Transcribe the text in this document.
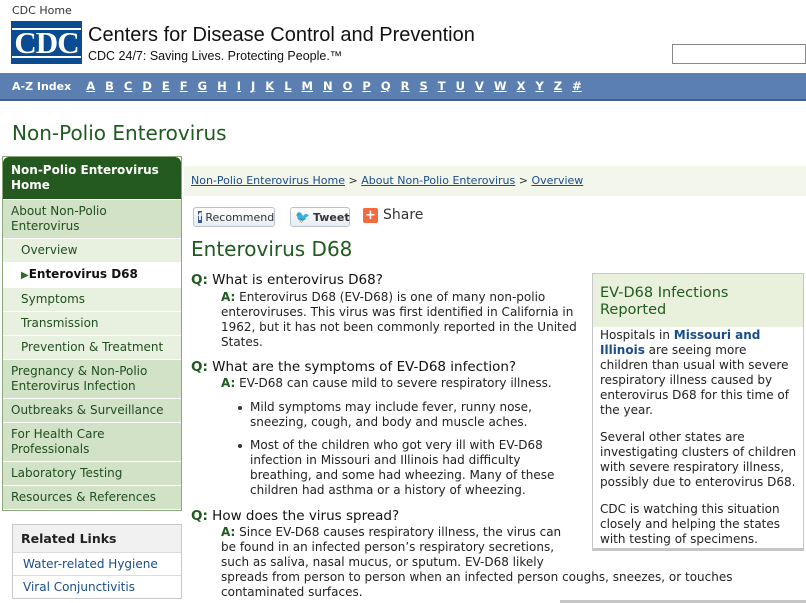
CDC Home
CDC Centers for Disease Control and Prevention
CDC 24/7: Saving Lives. Protecting People.™
A-Z Index A B C D E F G H I J K L M N O P Q R S T U V W X Y Z #
Non-Polio Enterovirus
Non-Polio Enterovirus Home
About Non-Polio Enterovirus
Overview
▶Enterovirus D68
Symptoms
Transmission
Prevention & Treatment
Pregnancy & Non-Polio Enterovirus Infection
Outbreaks & Surveillance
For Health Care Professionals
Laboratory Testing
Resources & References
Related Links
Water-related Hygiene
Viral Conjunctivitis
Non-Polio Enterovirus Home > About Non-Polio Enterovirus > Overview
f Recommend 🐦 Tweet + Share
Enterovirus D68
Q: What is enterovirus D68?
A: Enterovirus D68 (EV-D68) is one of many non-polio
enteroviruses. This virus was first identified in California in
1962, but it has not been commonly reported in the United
States.
Q: What are the symptoms of EV-D68 infection?
A: EV-D68 can cause mild to severe respiratory illness.
Mild symptoms may include fever, runny nose,
sneezing, cough, and body and muscle aches.
Most of the children who got very ill with EV-D68
infection in Missouri and Illinois had difficulty
breathing, and some had wheezing. Many of these
children had asthma or a history of wheezing.
Q: How does the virus spread?
A: Since EV-D68 causes respiratory illness, the virus can
be found in an infected person’s respiratory secretions,
such as saliva, nasal mucus, or sputum. EV-D68 likely
spreads from person to person when an infected person coughs, sneezes, or touches
contaminated surfaces.
EV-D68 Infections
Reported
Hospitals in Missouri and
Illinois are seeing more
children than usual with severe
respiratory illness caused by
enterovirus D68 for this time of
the year.
Several other states are
investigating clusters of children
with severe respiratory illness,
possibly due to enterovirus D68.
CDC is watching this situation
closely and helping the states
with testing of specimens.
